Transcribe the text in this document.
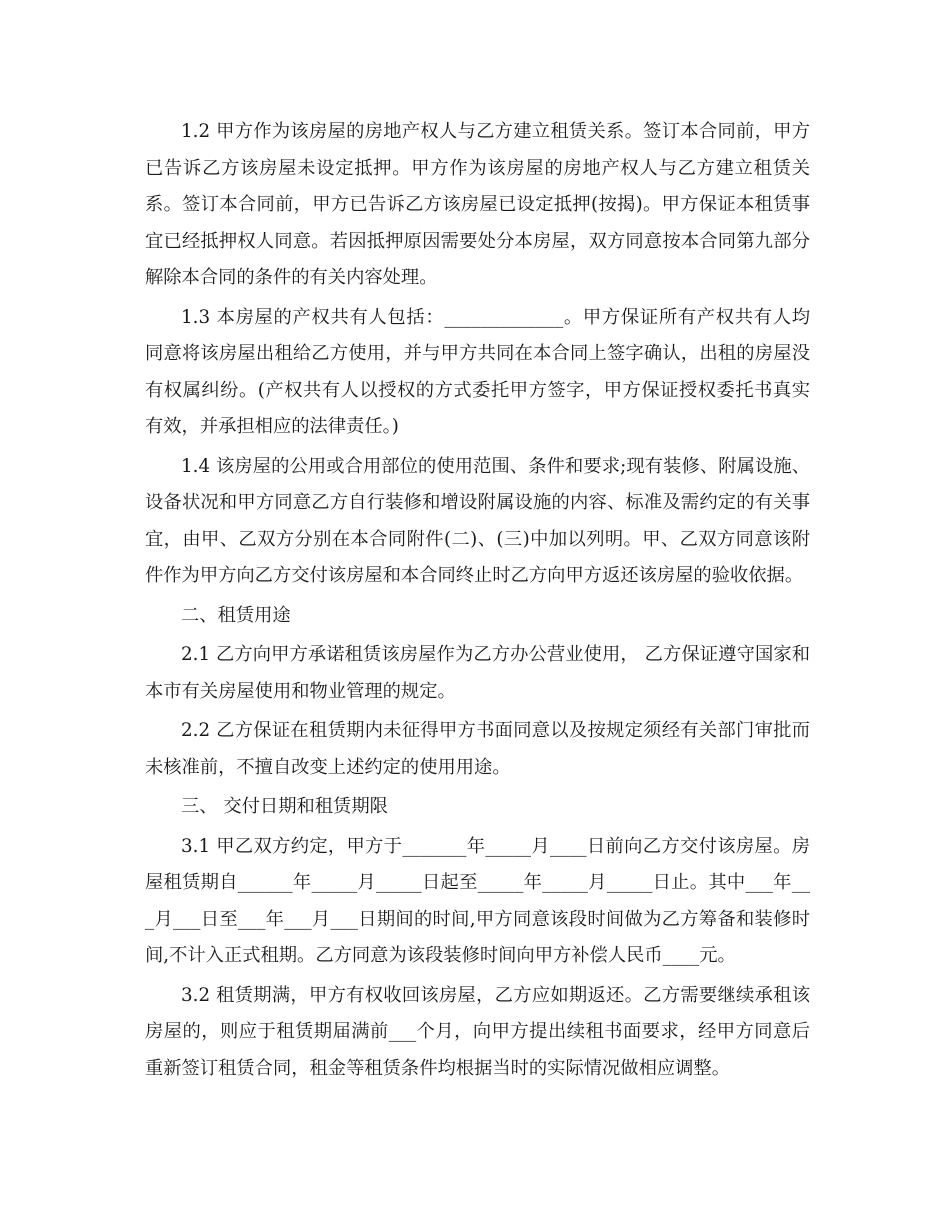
1.2 甲方作为该房屋的房地产权人与乙方建立租赁关系。签订本合同前，甲方已告诉乙方该房屋未设定抵押。甲方作为该房屋的房地产权人与乙方建立租赁关系。签订本合同前，甲方已告诉乙方该房屋已设定抵押(按揭)。甲方保证本租赁事宜已经抵押权人同意。若因抵押原因需要处分本房屋，双方同意按本合同第九部分解除本合同的条件的有关内容处理。

1.3 本房屋的产权共有人包括：_____________。甲方保证所有产权共有人均同意将该房屋出租给乙方使用，并与甲方共同在本合同上签字确认，出租的房屋没有权属纠纷。(产权共有人以授权的方式委托甲方签字，甲方保证授权委托书真实有效，并承担相应的法律责任。)

1.4 该房屋的公用或合用部位的使用范围、条件和要求;现有装修、附属设施、设备状况和甲方同意乙方自行装修和增设附属设施的内容、标准及需约定的有关事宜，由甲、乙双方分别在本合同附件(二)、(三)中加以列明。甲、乙双方同意该附件作为甲方向乙方交付该房屋和本合同终止时乙方向甲方返还该房屋的验收依据。

二、租赁用途

2.1 乙方向甲方承诺租赁该房屋作为乙方办公营业使用， 乙方保证遵守国家和本市有关房屋使用和物业管理的规定。

2.2 乙方保证在租赁期内未征得甲方书面同意以及按规定须经有关部门审批而未核准前，不擅自改变上述约定的使用用途。

三、 交付日期和租赁期限

3.1 甲乙双方约定，甲方于_______年_____月____日前向乙方交付该房屋。房屋租赁期自______年_____月_____日起至_____年_____月_____日止。其中___年___月___日至___年___月___日期间的时间,甲方同意该段时间做为乙方筹备和装修时间,不计入正式租期。乙方同意为该段装修时间向甲方补偿人民币____元。

3.2 租赁期满，甲方有权收回该房屋，乙方应如期返还。乙方需要继续承租该房屋的，则应于租赁期届满前___个月，向甲方提出续租书面要求，经甲方同意后重新签订租赁合同，租金等租赁条件均根据当时的实际情况做相应调整。
